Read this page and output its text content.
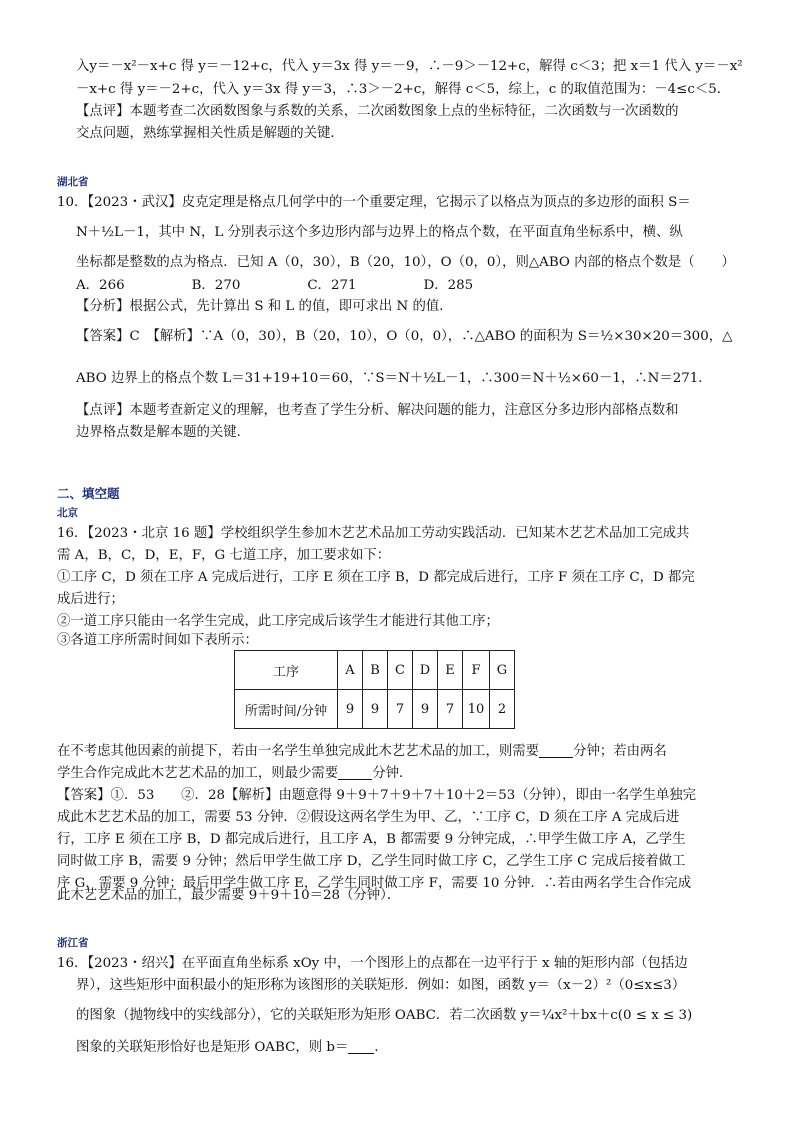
入y＝－x²－x+c 得 y＝－12+c，代入 y＝3x 得 y＝－9，∴－9＞－12+c，解得 c＜3；把 x＝1 代入 y＝－x²
－x+c 得 y＝－2+c，代入 y＝3x 得 y＝3，∴3＞－2+c，解得 c＜5，综上，c 的取值范围为：－4≤c＜5．
【点评】本题考查二次函数图象与系数的关系，二次函数图象上点的坐标特征，二次函数与一次函数的
交点问题，熟练掌握相关性质是解题的关键．
湖北省
10．【2023・武汉】皮克定理是格点几何学中的一个重要定理，它揭示了以格点为顶点的多边形的面积 S＝
N＋½L－1，其中 N，L 分别表示这个多边形内部与边界上的格点个数，在平面直角坐标系中，横、纵
坐标都是整数的点为格点．已知 A（0，30），B（20，10），O（0，0），则△ABO 内部的格点个数是（　　）
A．266　　　　　B．270　　　　　C．271　　　　　D．285
【分析】根据公式，先计算出 S 和 L 的值，即可求出 N 的值．
【答案】C　【解析】∵A（0，30），B（20，10），O（0，0），∴△ABO 的面积为 S＝½×30×20＝300，△
ABO 边界上的格点个数 L＝31+19+10＝60，∵S＝N＋½L－1，∴300＝N＋½×60－1，∴N＝271．
【点评】本题考查新定义的理解，也考查了学生分析、解决问题的能力，注意区分多边形内部格点数和
边界格点数是解本题的关键．
二、填空题
北京
16．【2023・北京 16 题】学校组织学生参加木艺艺术品加工劳动实践活动．已知某木艺艺术品加工完成共
需 A，B，C，D，E，F，G 七道工序，加工要求如下：
①工序 C，D 须在工序 A 完成后进行，工序 E 须在工序 B，D 都完成后进行，工序 F 须在工序 C，D 都完
成后进行；
②一道工序只能由一名学生完成，此工序完成后该学生才能进行其他工序；
③各道工序所需时间如下表所示：
工序	A	B	C	D	E	F	G
所需时间/分钟	9	9	7	9	7	10	2
在不考虑其他因素的前提下，若由一名学生单独完成此木艺艺术品的加工，则需要	分钟；若由两名
学生合作完成此木艺艺术品的加工，则最少需要	分钟．
【答案】①．53　　②．28【解析】由题意得 9＋9＋7＋9＋7＋10＋2＝53（分钟），即由一名学生单独完
成此木艺艺术品的加工，需要 53 分钟．②假设这两名学生为甲、乙，∵工序 C，D 须在工序 A 完成后进
行，工序 E 须在工序 B，D 都完成后进行，且工序 A，B 都需要 9 分钟完成，∴甲学生做工序 A，乙学生
同时做工序 B，需要 9 分钟；然后甲学生做工序 D，乙学生同时做工序 C，乙学生工序 C 完成后接着做工
序 G，需要 9 分钟；最后甲学生做工序 E，乙学生同时做工序 F，需要 10 分钟．∴若由两名学生合作完成
此木艺艺术品的加工，最少需要 9＋9＋10＝28（分钟）．
浙江省
16．【2023・绍兴】在平面直角坐标系 xOy 中，一个图形上的点都在一边平行于 x 轴的矩形内部（包括边
界），这些矩形中面积最小的矩形称为该图形的关联矩形．例如：如图，函数 y＝（x－2）²（0≤x≤3）
的图象（抛物线中的实线部分），它的关联矩形为矩形 OABC．若二次函数 y＝¼x²＋bx＋c(0 ≤ x ≤ 3)
图象的关联矩形恰好也是矩形 OABC，则 b＝ ．
